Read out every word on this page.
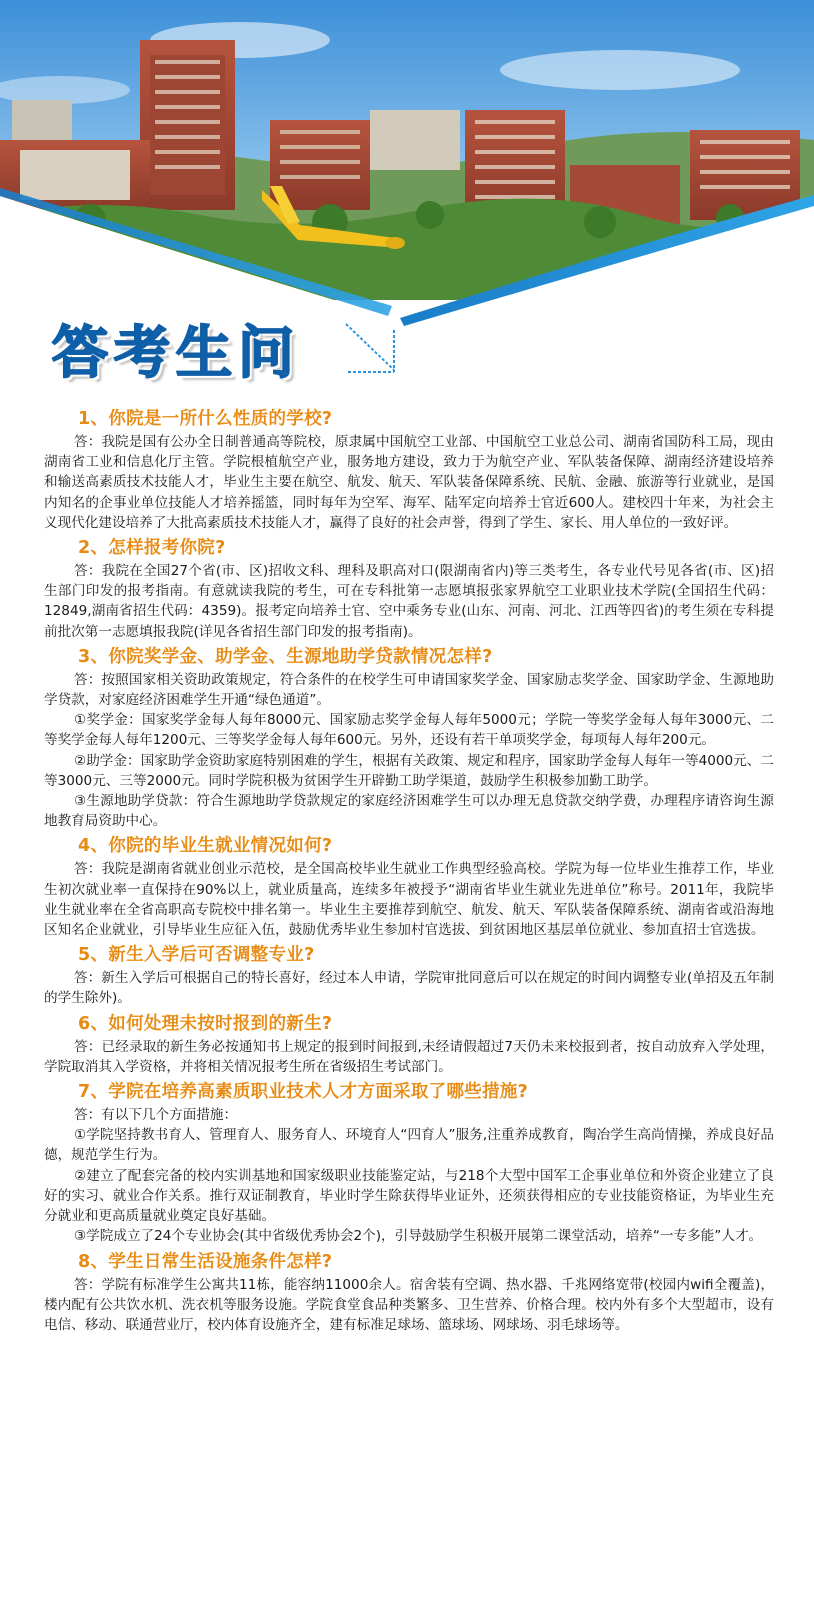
答考生问
1、你院是一所什么性质的学校?

答：我院是国有公办全日制普通高等院校，原隶属中国航空工业部、中国航空工业总公司、湖南省国防科工局，现由湖南省工业和信息化厅主管。学院根植航空产业，服务地方建设，致力于为航空产业、军队装备保障、湖南经济建设培养和输送高素质技术技能人才，毕业生主要在航空、航发、航天、军队装备保障系统、民航、金融、旅游等行业就业，是国内知名的企事业单位技能人才培养摇篮，同时每年为空军、海军、陆军定向培养士官近600人。建校四十年来，为社会主义现代化建设培养了大批高素质技术技能人才，赢得了良好的社会声誉，得到了学生、家长、用人单位的一致好评。

2、怎样报考你院?

答：我院在全国27个省(市、区)招收文科、理科及职高对口(限湖南省内)等三类考生，各专业代号见各省(市、区)招生部门印发的报考指南。有意就读我院的考生，可在专科批第一志愿填报张家界航空工业职业技术学院(全国招生代码：12849,湖南省招生代码：4359)。报考定向培养士官、空中乘务专业(山东、河南、河北、江西等四省)的考生须在专科提前批次第一志愿填报我院(详见各省招生部门印发的报考指南)。

3、你院奖学金、助学金、生源地助学贷款情况怎样?

答：按照国家相关资助政策规定，符合条件的在校学生可申请国家奖学金、国家励志奖学金、国家助学金、生源地助学贷款，对家庭经济困难学生开通“绿色通道”。

①奖学金：国家奖学金每人每年8000元、国家励志奖学金每人每年5000元；学院一等奖学金每人每年3000元、二等奖学金每人每年1200元、三等奖学金每人每年600元。另外，还设有若干单项奖学金，每项每人每年200元。

②助学金：国家助学金资助家庭特别困难的学生，根据有关政策、规定和程序，国家助学金每人每年一等4000元、二等3000元、三等2000元。同时学院积极为贫困学生开辟勤工助学渠道，鼓励学生积极参加勤工助学。

③生源地助学贷款：符合生源地助学贷款规定的家庭经济困难学生可以办理无息贷款交纳学费，办理程序请咨询生源地教育局资助中心。

4、你院的毕业生就业情况如何?

答：我院是湖南省就业创业示范校，是全国高校毕业生就业工作典型经验高校。学院为每一位毕业生推荐工作，毕业生初次就业率一直保持在90%以上，就业质量高，连续多年被授予“湖南省毕业生就业先进单位”称号。2011年，我院毕业生就业率在全省高职高专院校中排名第一。毕业生主要推荐到航空、航发、航天、军队装备保障系统、湖南省或沿海地区知名企业就业，引导毕业生应征入伍，鼓励优秀毕业生参加村官选拔、到贫困地区基层单位就业、参加直招士官选拔。

5、新生入学后可否调整专业?

答：新生入学后可根据自己的特长喜好，经过本人申请，学院审批同意后可以在规定的时间内调整专业(单招及五年制的学生除外)。

6、如何处理未按时报到的新生?

答：已经录取的新生务必按通知书上规定的报到时间报到,未经请假超过7天仍未来校报到者，按自动放弃入学处理，学院取消其入学资格，并将相关情况报考生所在省级招生考试部门。

7、学院在培养高素质职业技术人才方面采取了哪些措施?

答：有以下几个方面措施：

①学院坚持教书育人、管理育人、服务育人、环境育人“四育人”服务,注重养成教育，陶冶学生高尚情操，养成良好品德，规范学生行为。

②建立了配套完备的校内实训基地和国家级职业技能鉴定站，与218个大型中国军工企事业单位和外资企业建立了良好的实习、就业合作关系。推行双证制教育，毕业时学生除获得毕业证外，还须获得相应的专业技能资格证，为毕业生充分就业和更高质量就业奠定良好基础。

③学院成立了24个专业协会(其中省级优秀协会2个)，引导鼓励学生积极开展第二课堂活动，培养“一专多能”人才。

8、学生日常生活设施条件怎样?

答：学院有标准学生公寓共11栋，能容纳11000余人。宿舍装有空调、热水器、千兆网络宽带(校园内wifi全覆盖)，楼内配有公共饮水机、洗衣机等服务设施。学院食堂食品种类繁多、卫生营养、价格合理。校内外有多个大型超市，设有电信、移动、联通营业厅，校内体育设施齐全，建有标准足球场、篮球场、网球场、羽毛球场等。
